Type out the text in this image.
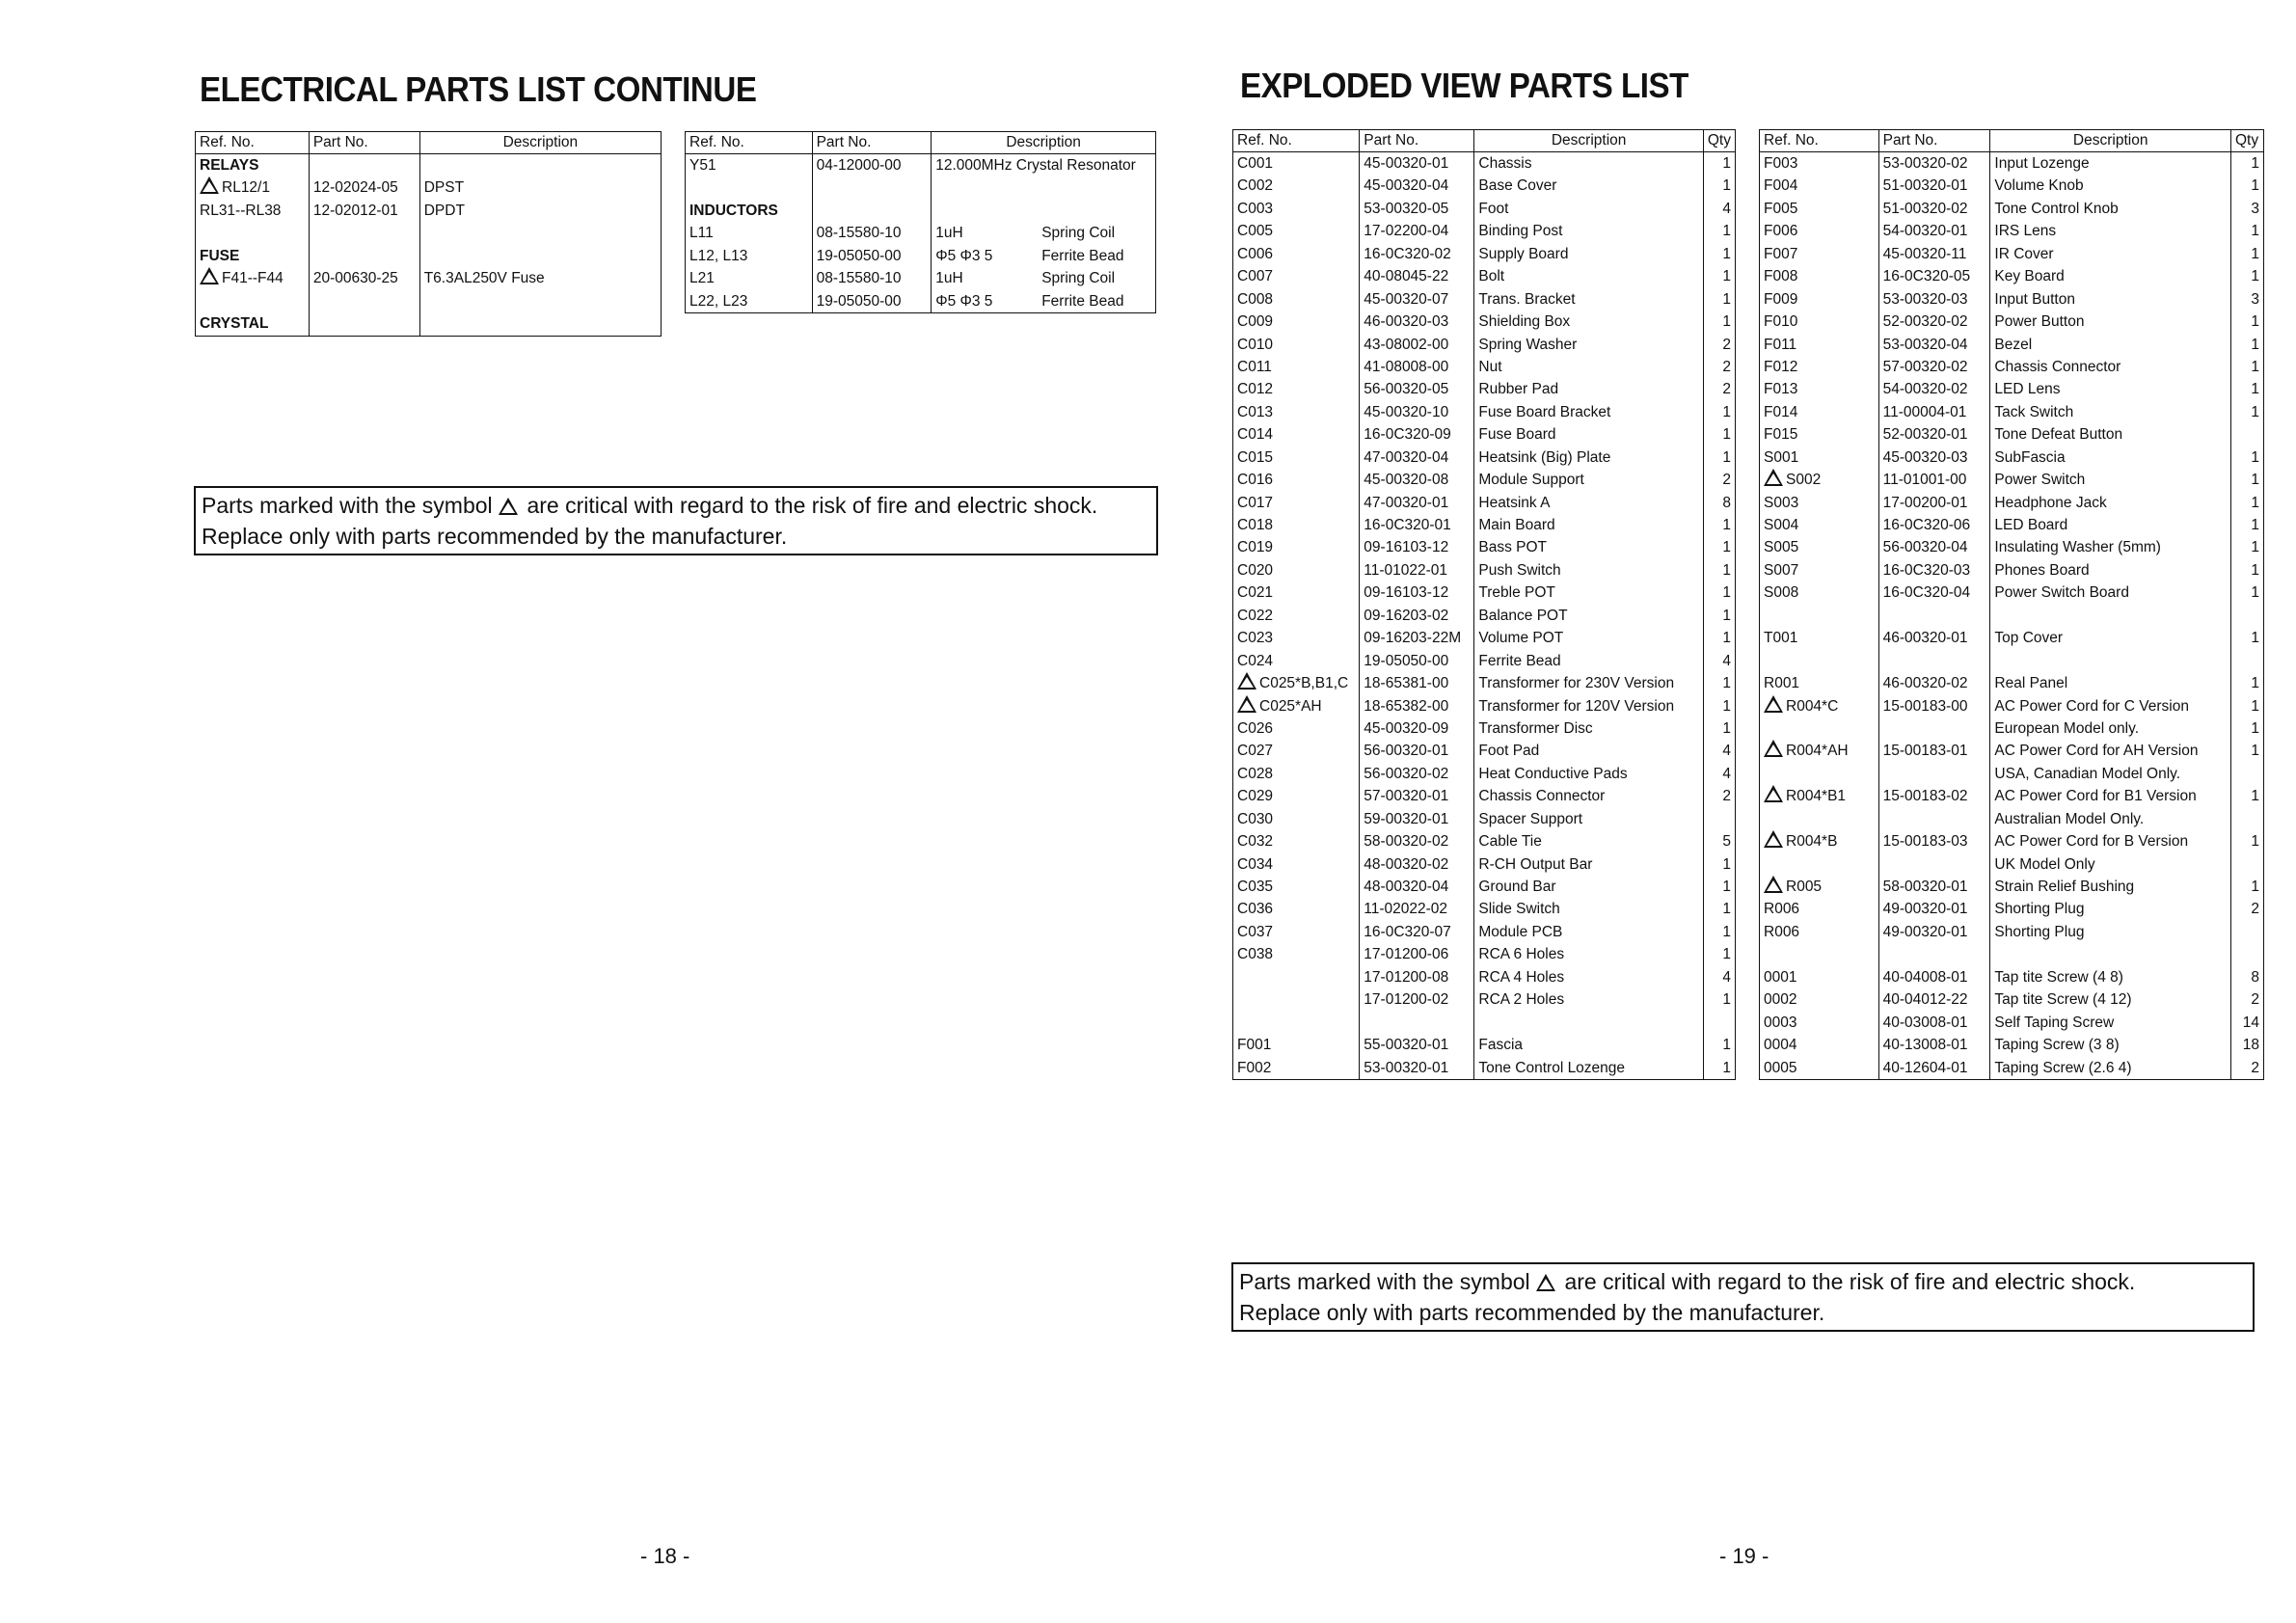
ELECTRICAL PARTS LIST CONTINUE
Ref. No.	Part No.	Description
RELAYS		
RL12/1	12-02024-05	DPST
RL31--RL38	12-02012-01	DPDT

FUSE		
F41--F44	20-00630-25	T6.3AL250V Fuse

CRYSTAL		
Ref. No.	Part No.	Description
Y51	04-12000-00	12.000MHz Crystal Resonator

INDUCTORS		
L11	08-15580-10	1uH Spring Coil
L12, L13	19-05050-00	Φ5 Φ3 5 Ferrite Bead
L21	08-15580-10	1uH Spring Coil
L22, L23	19-05050-00	Φ5 Φ3 5 Ferrite Bead
Parts marked with the symbol are critical with regard to the risk of fire and electric shock.
Replace only with parts recommended by the manufacturer.
- 18 -
EXPLODED VIEW PARTS LIST
Ref. No.	Part No.	Description	Qty
C001	45-00320-01	Chassis	1
C002	45-00320-04	Base Cover	1
C003	53-00320-05	Foot	4
C005	17-02200-04	Binding Post	1
C006	16-0C320-02	Supply Board	1
C007	40-08045-22	Bolt	1
C008	45-00320-07	Trans. Bracket	1
C009	46-00320-03	Shielding Box	1
C010	43-08002-00	Spring Washer	2
C011	41-08008-00	Nut	2
C012	56-00320-05	Rubber Pad	2
C013	45-00320-10	Fuse Board Bracket	1
C014	16-0C320-09	Fuse Board	1
C015	47-00320-04	Heatsink (Big) Plate	1
C016	45-00320-08	Module Support	2
C017	47-00320-01	Heatsink A	8
C018	16-0C320-01	Main Board	1
C019	09-16103-12	Bass POT	1
C020	11-01022-01	Push Switch	1
C021	09-16103-12	Treble POT	1
C022	09-16203-02	Balance POT	1
C023	09-16203-22M	Volume POT	1
C024	19-05050-00	Ferrite Bead	4
C025*B,B1,C	18-65381-00	Transformer for 230V Version	1
C025*AH	18-65382-00	Transformer for 120V Version	1
C026	45-00320-09	Transformer Disc	1
C027	56-00320-01	Foot Pad	4
C028	56-00320-02	Heat Conductive Pads	4
C029	57-00320-01	Chassis Connector	2
C030	59-00320-01	Spacer Support	
C032	58-00320-02	Cable Tie	5
C034	48-00320-02	R-CH Output Bar	1
C035	48-00320-04	Ground Bar	1
C036	11-02022-02	Slide Switch	1
C037	16-0C320-07	Module PCB	1
C038	17-01200-06	RCA 6 Holes	1
	17-01200-08	RCA 4 Holes	4
	17-01200-02	RCA 2 Holes	1

F001	55-00320-01	Fascia	1
F002	53-00320-01	Tone Control Lozenge	1
Ref. No.	Part No.	Description	Qty
F003	53-00320-02	Input Lozenge	1
F004	51-00320-01	Volume Knob	1
F005	51-00320-02	Tone Control Knob	3
F006	54-00320-01	IRS Lens	1
F007	45-00320-11	IR Cover	1
F008	16-0C320-05	Key Board	1
F009	53-00320-03	Input Button	3
F010	52-00320-02	Power Button	1
F011	53-00320-04	Bezel	1
F012	57-00320-02	Chassis Connector	1
F013	54-00320-02	LED Lens	1
F014	11-00004-01	Tack Switch	1
F015	52-00320-01	Tone Defeat Button	
S001	45-00320-03	SubFascia	1
S002	11-01001-00	Power Switch	1
S003	17-00200-01	Headphone Jack	1
S004	16-0C320-06	LED Board	1
S005	56-00320-04	Insulating Washer (5mm)	1
S007	16-0C320-03	Phones Board	1
S008	16-0C320-04	Power Switch Board	1

T001	46-00320-01	Top Cover	1

R001	46-00320-02	Real Panel	1
R004*C	15-00183-00	AC Power Cord for C Version	1
		European Model only.	1
R004*AH	15-00183-01	AC Power Cord for AH Version	1
		USA, Canadian Model Only.	
R004*B1	15-00183-02	AC Power Cord for B1 Version	1
		Australian Model Only.	
R004*B	15-00183-03	AC Power Cord for B Version	1
		UK Model Only	
R005	58-00320-01	Strain Relief Bushing	1
R006	49-00320-01	Shorting Plug	2
R006	49-00320-01	Shorting Plug	

0001	40-04008-01	Tap tite Screw (4 8)	8
0002	40-04012-22	Tap tite Screw (4 12)	2
0003	40-03008-01	Self Taping Screw	14
0004	40-13008-01	Taping Screw (3 8)	18
0005	40-12604-01	Taping Screw (2.6 4)	2
Parts marked with the symbol are critical with regard to the risk of fire and electric shock.
Replace only with parts recommended by the manufacturer.
- 19 -
